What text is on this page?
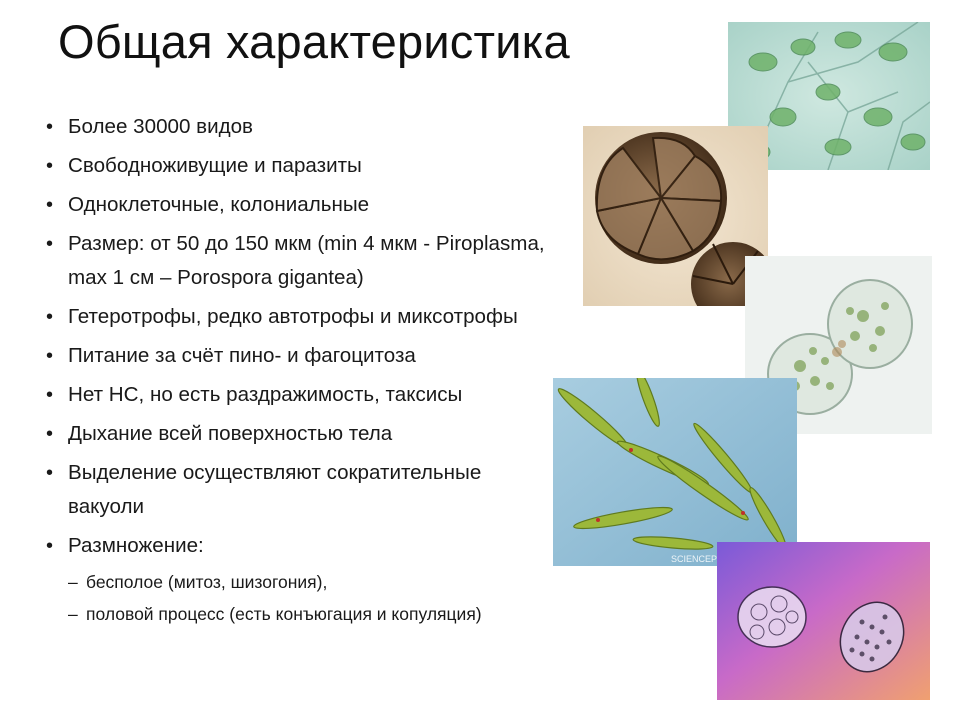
Общая характеристика
• Более 30000 видов
• Свободноживущие и паразиты
• Одноклеточные, колониальные
• Размер: от 50 до 150 мкм (min 4 мкм - Piroplasma, max 1 см – Porospora gigantea)
• Гетеротрофы, редко автотрофы и миксотрофы
• Питание за счёт пино- и фагоцитоза
• Нет НС, но есть раздражимость, таксисы
• Дыхание всей поверхностью тела
• Выделение осуществляют сократительные вакуоли
• Размножение:
– бесполое (митоз, шизогония),
– половой процесс (есть конъюгация и копуляция)
SCIENCEP
